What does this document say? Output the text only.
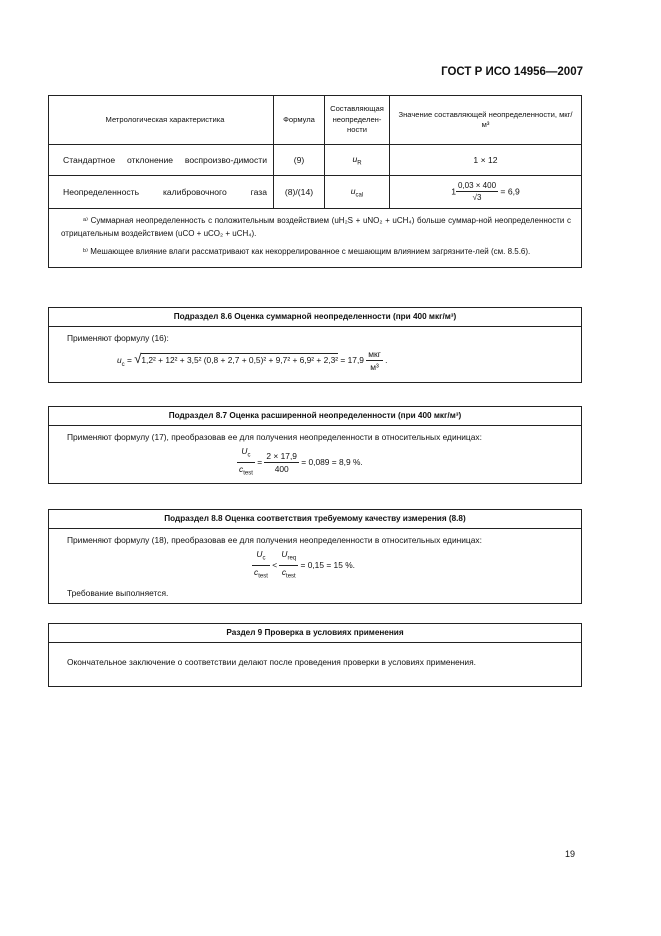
ГОСТ Р ИСО 14956—2007
Метрологическая характеристика	Формула	Составляющая неопределен-ности	Значение составляющей неопределенности, мкг/м³
Стандартное отклонение воспроизво-димости	(9)	$u_R$	1 × 12
Неопределенность калибровочного газа	(8)/(14)	$u_{cal}$	$1 \frac{0,03 \times 400}{√3} = 6,9$

ᵃ⁾ Суммарная неопределенность с положительным воздействием (uH₂S + uNO₂ + uCH₄) больше суммар-ной неопределенности с отрицательным воздействием (uCO + uCO₂ + uCH₄).
ᵇ⁾ Мешающее влияние влаги рассматривают как некоррелированное с мешающим влиянием загрязните-лей (см. 8.5.6).			
Подраздел 8.6 Оценка суммарной неопределенности (при 400 мкг/м³)
Применяют формулу (16):
$u_c = √1,2^2 + 12^2 + 3,5^2$ $(0,8 + 2,7 + 0,5)^2 + 9,7^2 + 6,9^2 + 2,3^2 = 17,9 \frac{\text{мкг}}{\text{м³}}$ .
Подраздел 8.7 Оценка расширенной неопределенности (при 400 мкг/м³)
Применяют формулу (17), преобразовав ее для получения неопределенности в относительных единицах:
$\frac{U_c}{c_{test}} = \frac{2 \times 17,9}{400} = 0,089 = 8,9$ %.
Подраздел 8.8 Оценка соответствия требуемому качеству измерения (8.8)
Применяют формулу (18), преобразовав ее для получения неопределенности в относительных единицах:
$\frac{U_c}{c_{test}} < \frac{U_{req}}{c_{test}} = 0,15 = 15$ %.
Требование выполняется.
Раздел 9 Проверка в условиях применения
Окончательное заключение о соответствии делают после проведения проверки в условиях применения.
19
